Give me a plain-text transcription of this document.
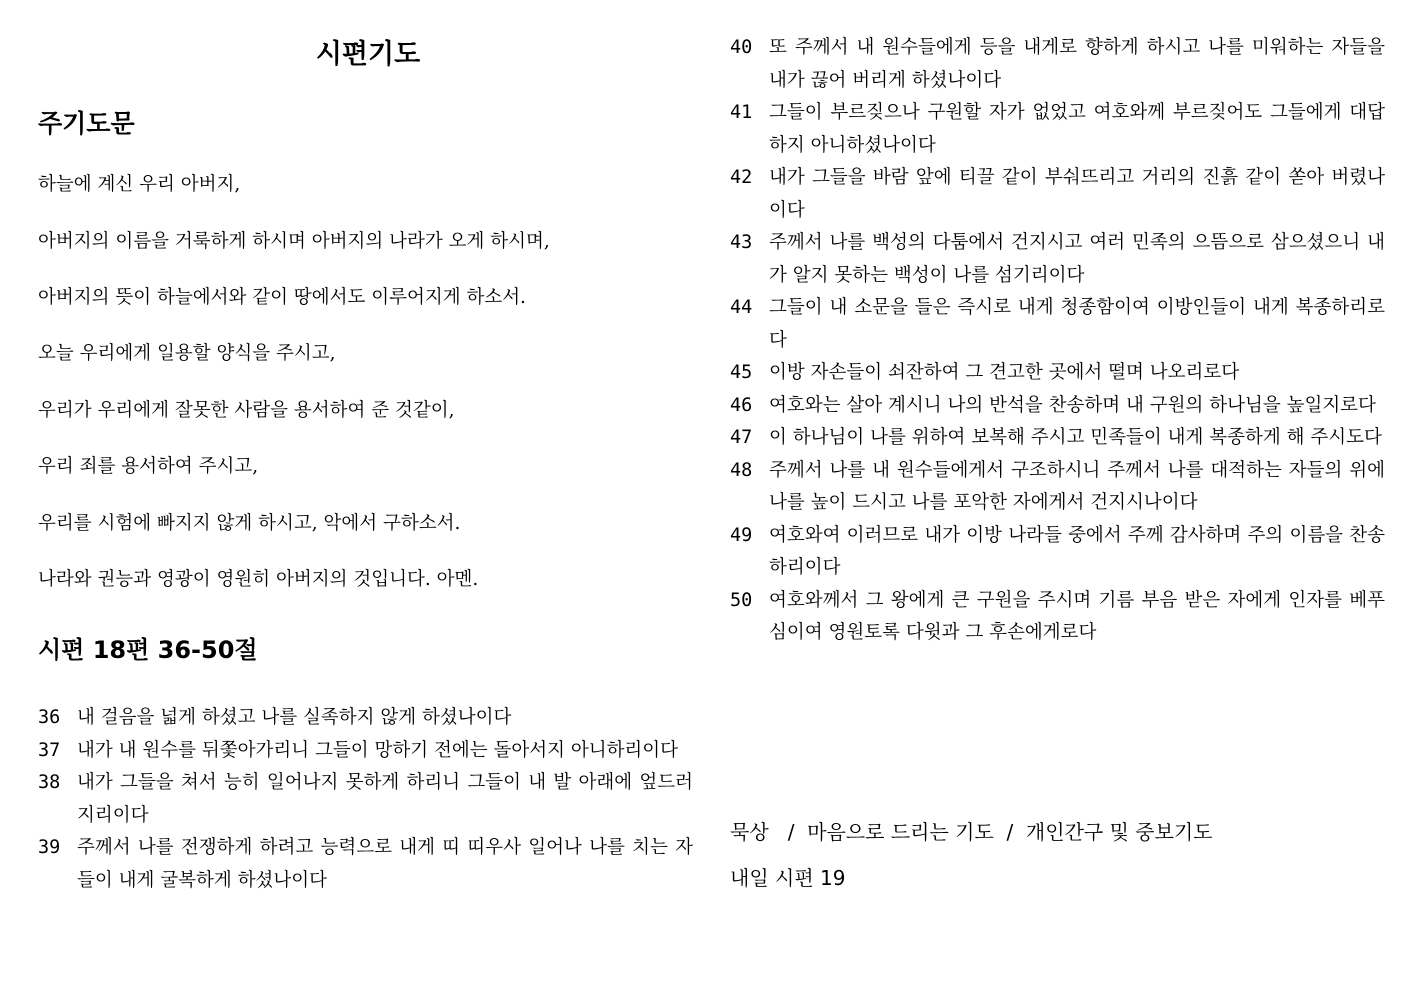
시편기도
주기도문
하늘에 계신 우리 아버지,
아버지의 이름을 거룩하게 하시며 아버지의 나라가 오게 하시며,
아버지의 뜻이 하늘에서와 같이 땅에서도 이루어지게 하소서.
오늘 우리에게 일용할 양식을 주시고,
우리가 우리에게 잘못한 사람을 용서하여 준 것같이,
우리 죄를 용서하여 주시고,
우리를 시험에 빠지지 않게 하시고, 악에서 구하소서.
나라와 권능과 영광이 영원히 아버지의 것입니다. 아멘.
시편 18편 36-50절
36 내 걸음을 넓게 하셨고 나를 실족하지 않게 하셨나이다
37 내가 내 원수를 뒤쫓아가리니 그들이 망하기 전에는 돌아서지 아니하리이다
38 내가 그들을 쳐서 능히 일어나지 못하게 하리니 그들이 내 발 아래에 엎드러지리이다
39 주께서 나를 전쟁하게 하려고 능력으로 내게 띠 띠우사 일어나 나를 치는 자들이 내게 굴복하게 하셨나이다
40 또 주께서 내 원수들에게 등을 내게로 향하게 하시고 나를 미워하는 자들을 내가 끊어 버리게 하셨나이다
41 그들이 부르짖으나 구원할 자가 없었고 여호와께 부르짖어도 그들에게 대답하지 아니하셨나이다
42 내가 그들을 바람 앞에 티끌 같이 부숴뜨리고 거리의 진흙 같이 쏟아 버렸나이다
43 주께서 나를 백성의 다툼에서 건지시고 여러 민족의 으뜸으로 삼으셨으니 내가 알지 못하는 백성이 나를 섬기리이다
44 그들이 내 소문을 들은 즉시로 내게 청종함이여 이방인들이 내게 복종하리로다
45 이방 자손들이 쇠잔하여 그 견고한 곳에서 떨며 나오리로다
46 여호와는 살아 계시니 나의 반석을 찬송하며 내 구원의 하나님을 높일지로다
47 이 하나님이 나를 위하여 보복해 주시고 민족들이 내게 복종하게 해 주시도다
48 주께서 나를 내 원수들에게서 구조하시니 주께서 나를 대적하는 자들의 위에 나를 높이 드시고 나를 포악한 자에게서 건지시나이다
49 여호와여 이러므로 내가 이방 나라들 중에서 주께 감사하며 주의 이름을 찬송하리이다
50 여호와께서 그 왕에게 큰 구원을 주시며 기름 부음 받은 자에게 인자를 베푸심이여 영원토록 다윗과 그 후손에게로다
묵상   /  마음으로 드리는 기도  /  개인간구 및 중보기도
내일 시편 19
